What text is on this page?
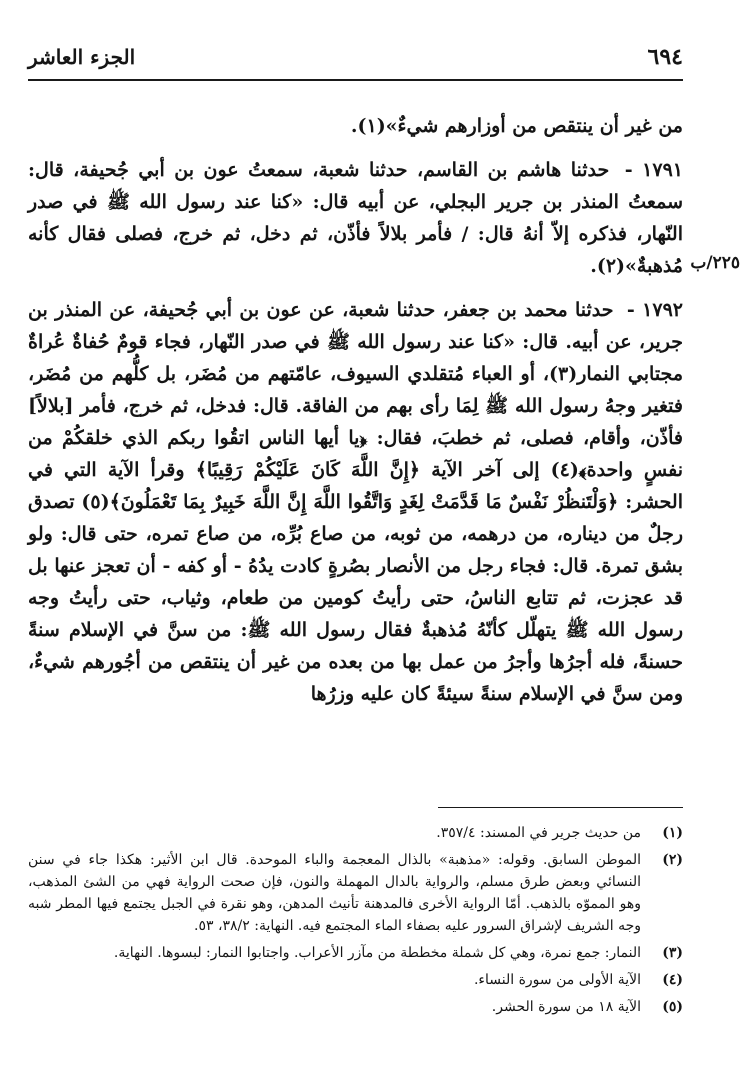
٦٩٤
الجزء العاشر
٢٢٥/ب

من غير أن ينتقص من أوزارهم شيءٌ»(١).

١٧٩١ - حدثنا هاشم بن القاسم، حدثنا شعبة، سمعتُ عون بن أبي جُحيفة، قال: سمعتُ المنذر بن جرير البجلي، عن أبيه قال: «كنا عند رسول الله ﷺ في صدر النّهار، فذكره إلاّ أنهُ قال: / فأمر بلالاً فأذّن، ثم دخل، ثم خرج، فصلى فقال كأنه مُذهبةٌ»(٢).

١٧٩٢ - حدثنا محمد بن جعفر، حدثنا شعبة، عن عون بن أبي جُحيفة، عن المنذر بن جرير، عن أبيه. قال: «كنا عند رسول الله ﷺ في صدر النّهار، فجاء قومٌ حُفاةٌ عُراةٌ مجتابي النمار(٣)، أو العباء مُتقلدي السيوف، عامّتهم من مُضَر، بل كلُّهم من مُضَر، فتغير وجهُ رسول الله ﷺ لِمَا رأى بهم من الفاقة. قال: فدخل، ثم خرج، فأمر [بلالاً] فأذّن، وأقام، فصلى، ثم خطبَ، فقال: ﴿يا أيها الناس اتقُوا ربكم الذي خلقكُمْ من نفسٍ واحدة﴾(٤) إلى آخر الآية ﴿إِنَّ اللَّهَ كَانَ عَلَيْكُمْ رَقِيبًا﴾ وقرأ الآية التي في الحشر: ﴿وَلْتَنظُرْ نَفْسٌ مَا قَدَّمَتْ لِغَدٍ وَاتَّقُوا اللَّهَ إِنَّ اللَّهَ خَبِيرٌ بِمَا تَعْمَلُونَ﴾(٥) تصدق رجلٌ من ديناره، من درهمه، من ثوبه، من صاع بُرِّه، من صاع تمره، حتى قال: ولو بشق تمرة. قال: فجاء رجل من الأنصار بصُرةٍ كادت يدُهُ - أو كفه - أن تعجز عنها بل قد عجزت، ثم تتابع الناسُ، حتى رأيتُ كومين من طعام، وثياب، حتى رأيتُ وجه رسول الله ﷺ يتهلّل كأنّهُ مُذهبةٌ فقال رسول الله ﷺ: من سنَّ في الإسلام سنةً حسنةً، فله أجرُها وأجرُ من عمل بها من بعده من غير أن ينتقص من أجُورهم شيءٌ، ومن سنَّ في الإسلام سنةً سيئةً كان عليه وزرُها

(١)
من حديث جرير في المسند: ٣٥٧/٤.
(٢)
الموطن السابق. وقوله: «مذهبة» بالذال المعجمة والباء الموحدة. قال ابن الأثير: هكذا جاء في سنن النسائي وبعض طرق مسلم، والرواية بالدال المهملة والنون، فإن صحت الرواية فهي من الشئ المذهب، وهو المموّه بالذهب. أمّا الرواية الأخرى فالمدهنة تأنيث المدهن، وهو نقرة في الجبل يجتمع فيها المطر شبه وجه الشريف لإشراق السرور عليه بصفاء الماء المجتمع فيه. النهاية: ٣٨/٢، ٥٣.
(٣)
النمار: جمع نمرة، وهي كل شملة مخططة من مآزر الأعراب. واجتابوا النمار: لبسوها. النهاية.
(٤)
الآية الأولى من سورة النساء.
(٥)
الآية ١٨ من سورة الحشر.
